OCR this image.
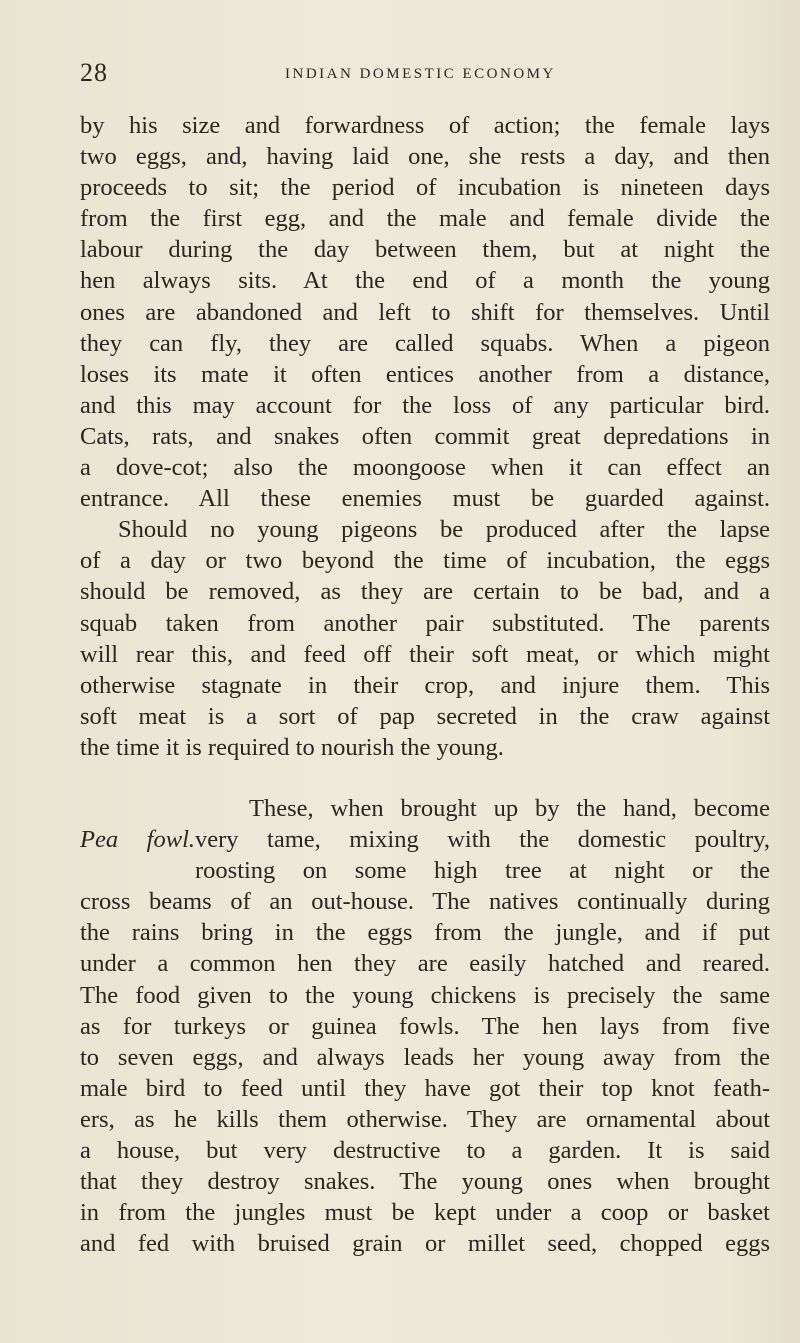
28	INDIAN DOMESTIC ECONOMY
by his size and forwardness of action; the female lays
two eggs, and, having laid one, she rests a day, and then
proceeds to sit; the period of incubation is nineteen days
from the first egg, and the male and female divide the
labour during the day between them, but at night the
hen always sits. At the end of a month the young
ones are abandoned and left to shift for themselves. Until
they can fly, they are called squabs. When a pigeon
loses its mate it often entices another from a distance,
and this may account for the loss of any particular bird.
Cats, rats, and snakes often commit great depredations in
a dove-cot; also the moongoose when it can effect an
entrance. All these enemies must be guarded against.
Should no young pigeons be produced after the lapse
of a day or two beyond the time of incubation, the eggs
should be removed, as they are certain to be bad, and a
squab taken from another pair substituted. The parents
will rear this, and feed off their soft meat, or which might
otherwise stagnate in their crop, and injure them. This
soft meat is a sort of pap secreted in the craw against
the time it is required to nourish the young.
These, when brought up by the hand, become
Pea fowl. very tame, mixing with the domestic poultry,
roosting on some high tree at night or the
cross beams of an out-house. The natives continually during
the rains bring in the eggs from the jungle, and if put
under a common hen they are easily hatched and reared.
The food given to the young chickens is precisely the same
as for turkeys or guinea fowls. The hen lays from five
to seven eggs, and always leads her young away from the
male bird to feed until they have got their top knot feath-
ers, as he kills them otherwise. They are ornamental about
a house, but very destructive to a garden. It is said
that they destroy snakes. The young ones when brought
in from the jungles must be kept under a coop or basket
and fed with bruised grain or millet seed, chopped eggs
